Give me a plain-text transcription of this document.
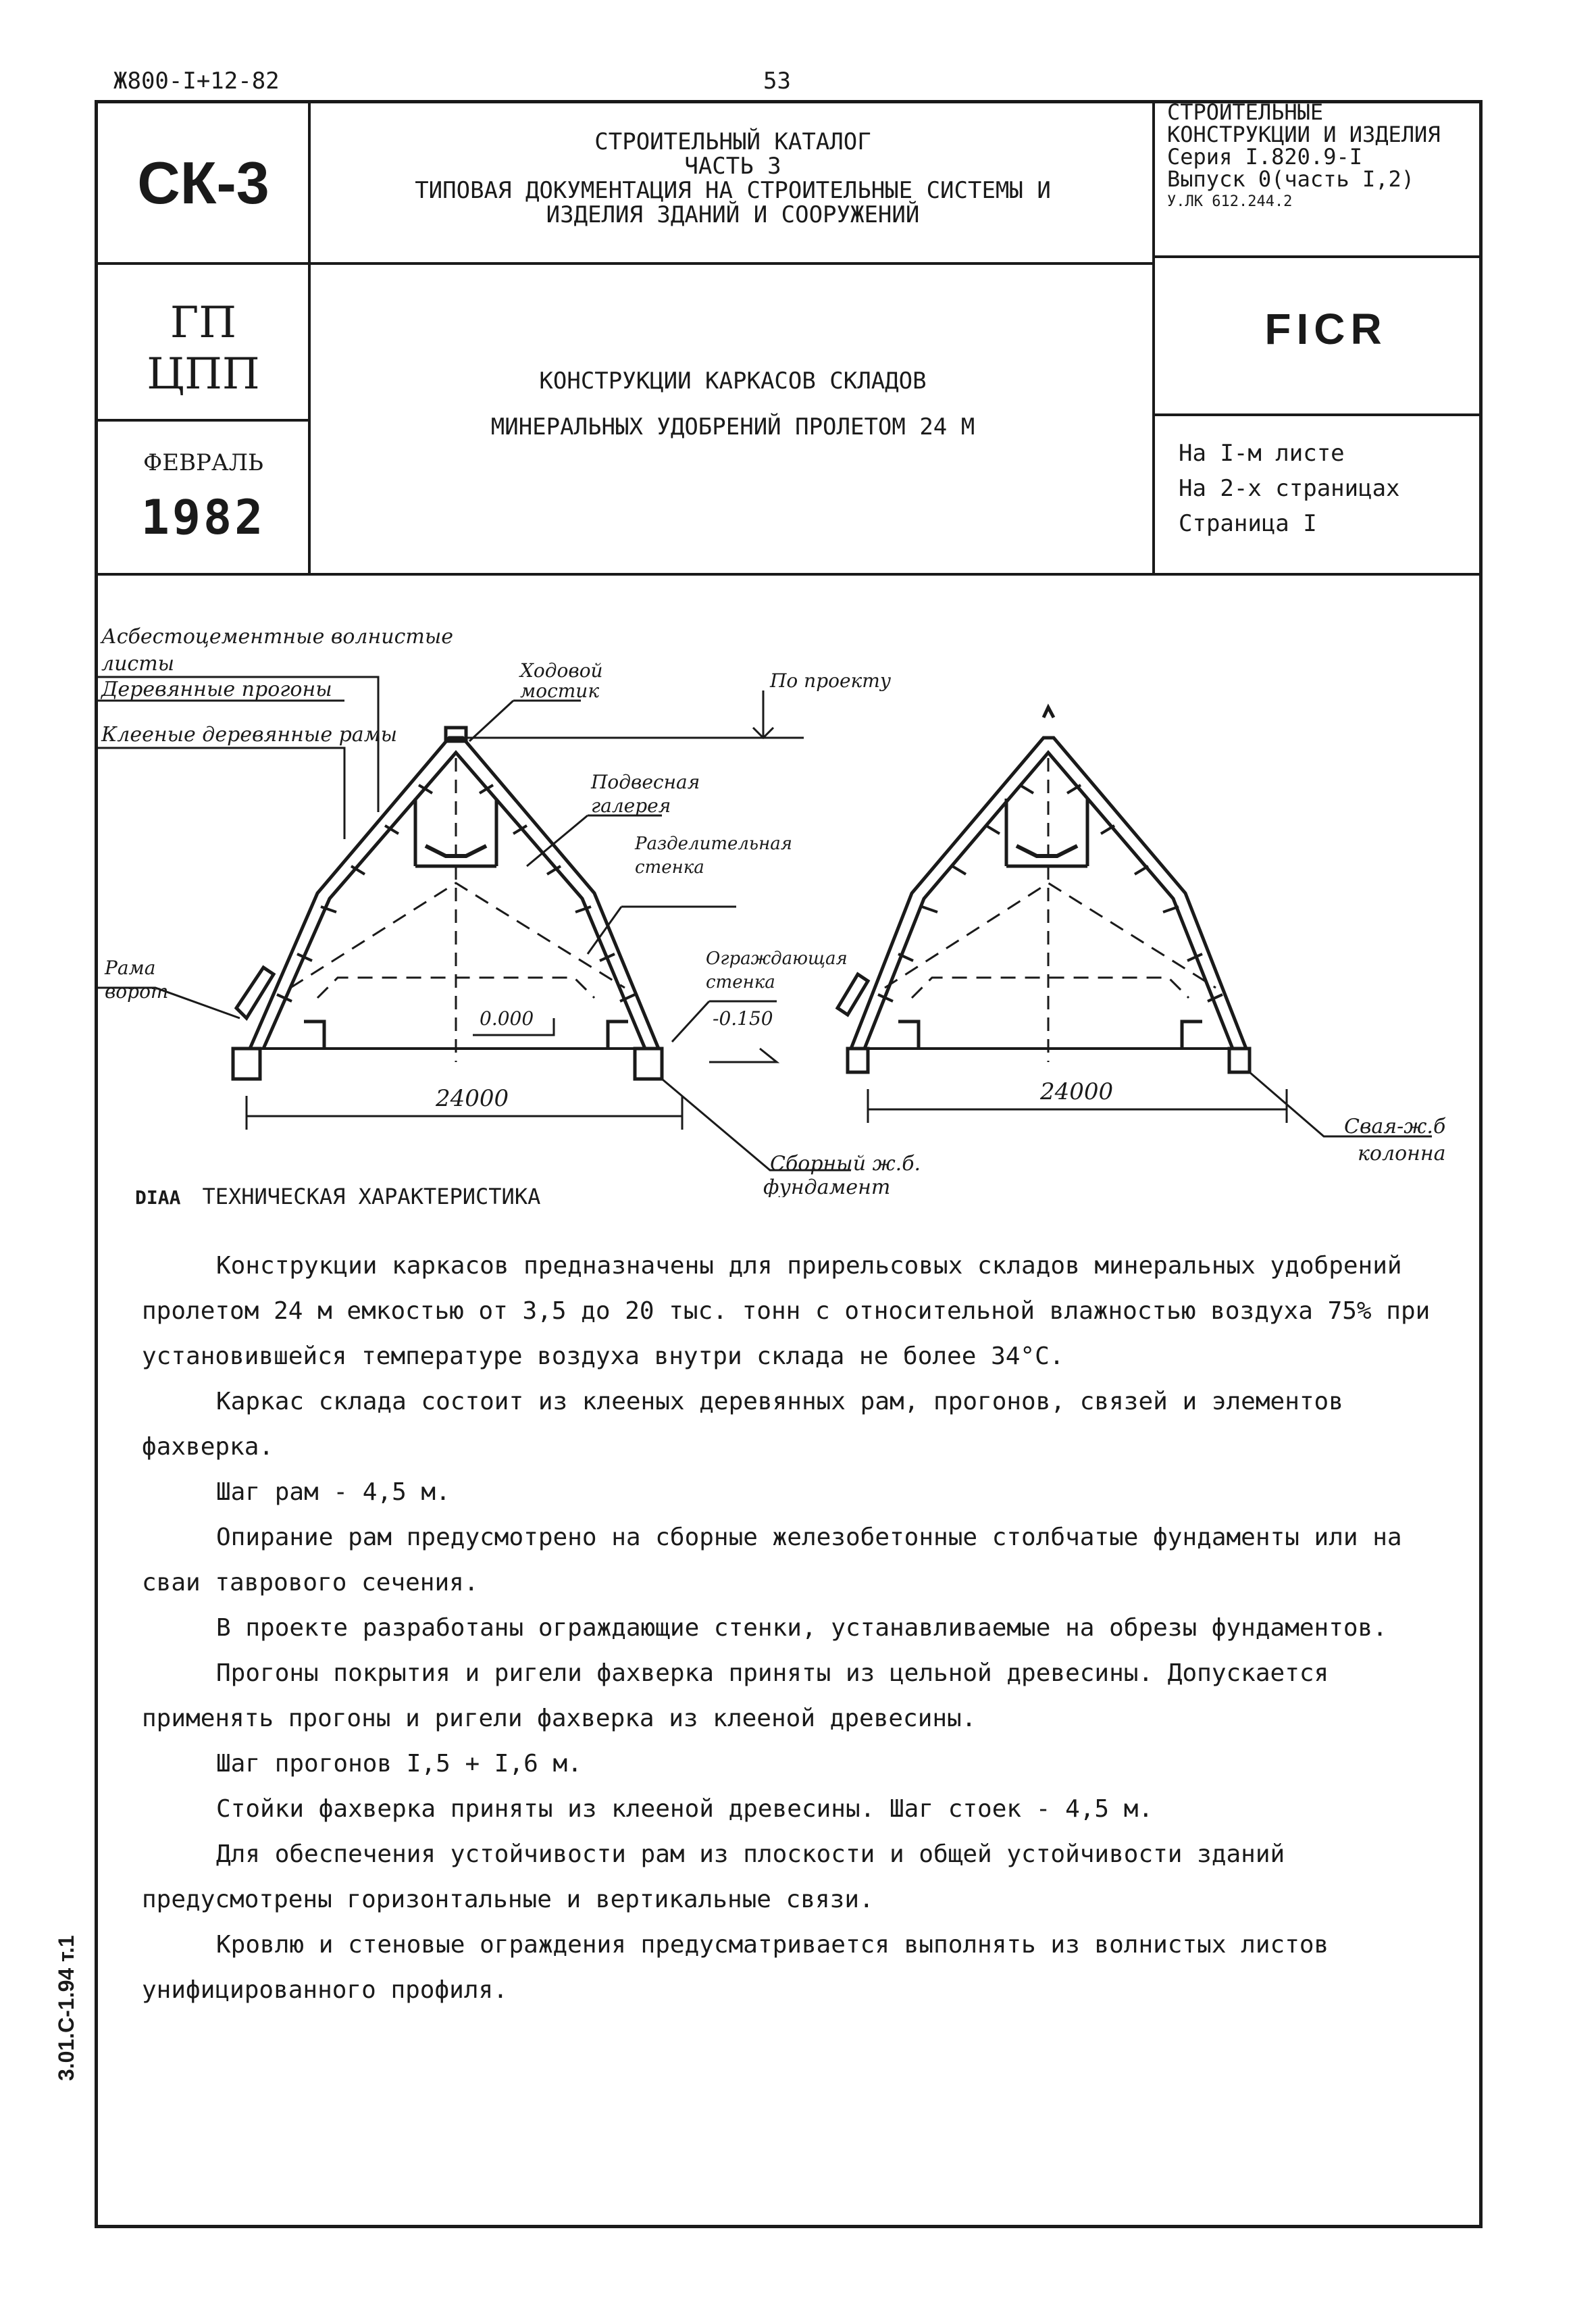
Ж800-I+12-82	53
СК-3
СТРОИТЕЛЬНЫЙ КАТАЛОГ
ЧАСТЬ 3
ТИПОВАЯ ДОКУМЕНТАЦИЯ НА СТРОИТЕЛЬНЫЕ СИСТЕМЫ И
ИЗДЕЛИЯ ЗДАНИЙ И СООРУЖЕНИЙ
СТРОИТЕЛЬНЫЕ
КОНСТРУКЦИИ И ИЗДЕЛИЯ
Серия I.820.9-I
Выпуск 0(часть I,2)
У.ЛК 612.244.2
ГП
ЦПП
ФЕВРАЛЬ
1982
КОНСТРУКЦИИ КАРКАСОВ СКЛАДОВ
МИНЕРАЛЬНЫХ УДОБРЕНИЙ ПРОЛЕТОМ 24 М
FICR
На I-м листе
На 2-х страницах
Страница I
Асбестоцементные волнистые
листы
Деревянные прогоны
Клееные деревянные рамы
Ходовой
мостик	По проекту
Подвесная
галерея
Разделительная
стенка
Ограждающая
стенка
-0.150
0.000
Рама
ворот
24000	24000
Сборный ж.б.
фундамент
Свая-ж.б
колонна
DIAA ТЕХНИЧЕСКАЯ ХАРАКТЕРИСТИКА

Конструкции каркасов предназначены для прирельсовых складов минеральных удобрений пролетом 24 м емкостью от 3,5 до 20 тыс. тонн с относительной влажностью воздуха 75% при установившейся температуре воздуха внутри склада не более 34°С.

Каркас склада состоит из клееных деревянных рам, прогонов, связей и элементов фахверка.

Шаг рам - 4,5 м.

Опирание рам предусмотрено на сборные железобетонные столбчатые фундаменты или на сваи таврового сечения.

В проекте разработаны ограждающие стенки, устанавливаемые на обрезы фундаментов.

Прогоны покрытия и ригели фахверка приняты из цельной древесины. Допускается применять прогоны и ригели фахверка из клееной древесины.

Шаг прогонов I,5 + I,6 м.

Стойки фахверка приняты из клееной древесины. Шаг стоек - 4,5 м.

Для обеспечения устойчивости рам из плоскости и общей устойчивости зданий предусмотрены горизонтальные и вертикальные связи.

Кровлю и стеновые ограждения предусматривается выполнять из волнистых листов унифицированного профиля.

3.01.С-1.94 т.1
